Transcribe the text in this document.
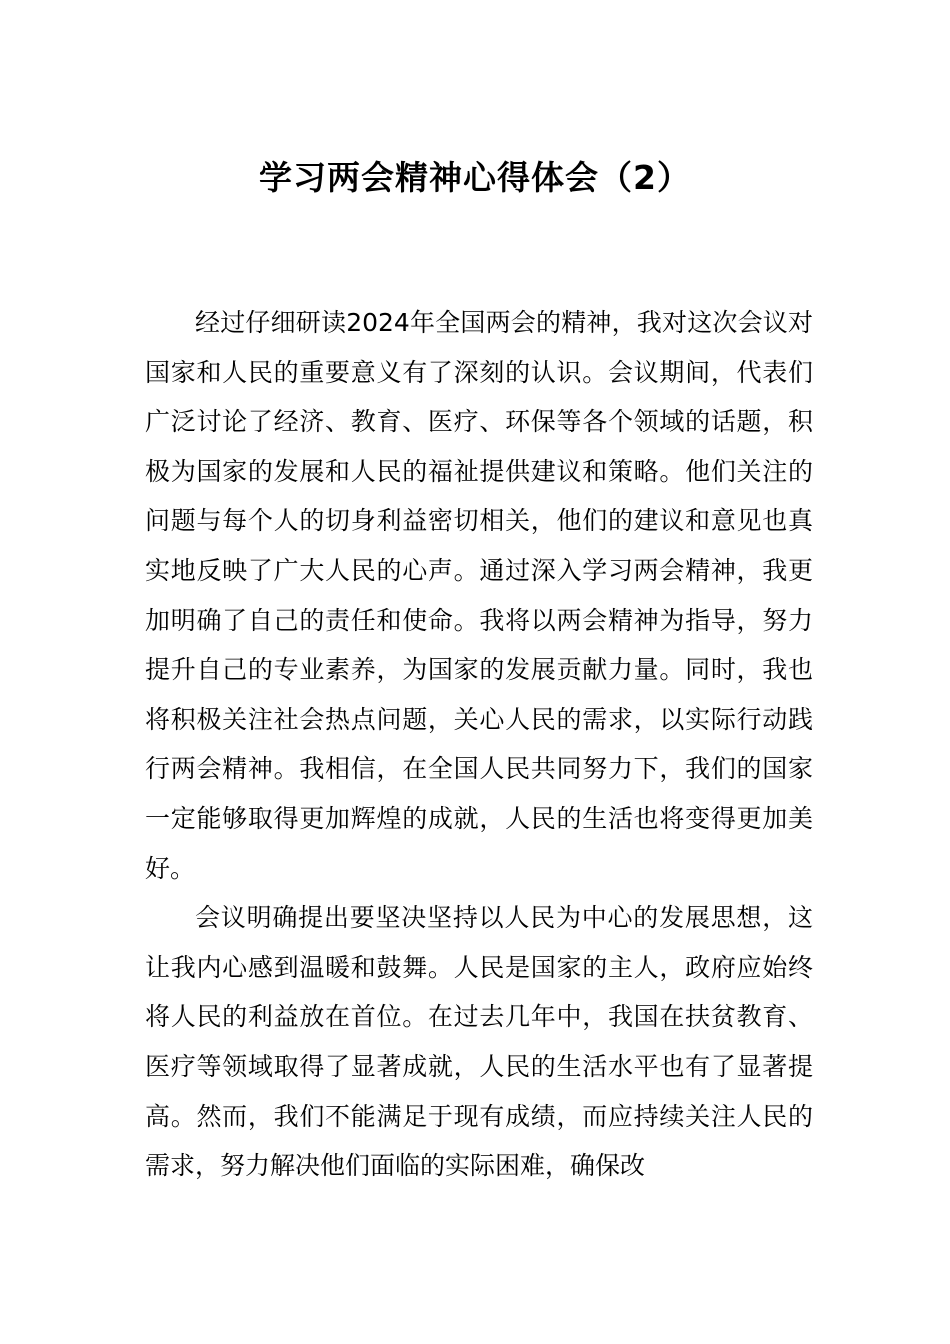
学习两会精神心得体会（2）

经过仔细研读2024年全国两会的精神，我对这次会议对国家和人民的重要意义有了深刻的认识。会议期间，代表们广泛讨论了经济、教育、医疗、环保等各个领域的话题，积极为国家的发展和人民的福祉提供建议和策略。他们关注的问题与每个人的切身利益密切相关，他们的建议和意见也真实地反映了广大人民的心声。通过深入学习两会精神，我更加明确了自己的责任和使命。我将以两会精神为指导，努力提升自己的专业素养，为国家的发展贡献力量。同时，我也将积极关注社会热点问题，关心人民的需求，以实际行动践行两会精神。我相信，在全国人民共同努力下，我们的国家一定能够取得更加辉煌的成就，人民的生活也将变得更加美好。

会议明确提出要坚决坚持以人民为中心的发展思想，这让我内心感到温暖和鼓舞。人民是国家的主人，政府应始终将人民的利益放在首位。在过去几年中，我国在扶贫教育、医疗等领域取得了显著成就，人民的生活水平也有了显著提高。然而，我们不能满足于现有成绩，而应持续关注人民的需求，努力解决他们面临的实际困难，确保改
